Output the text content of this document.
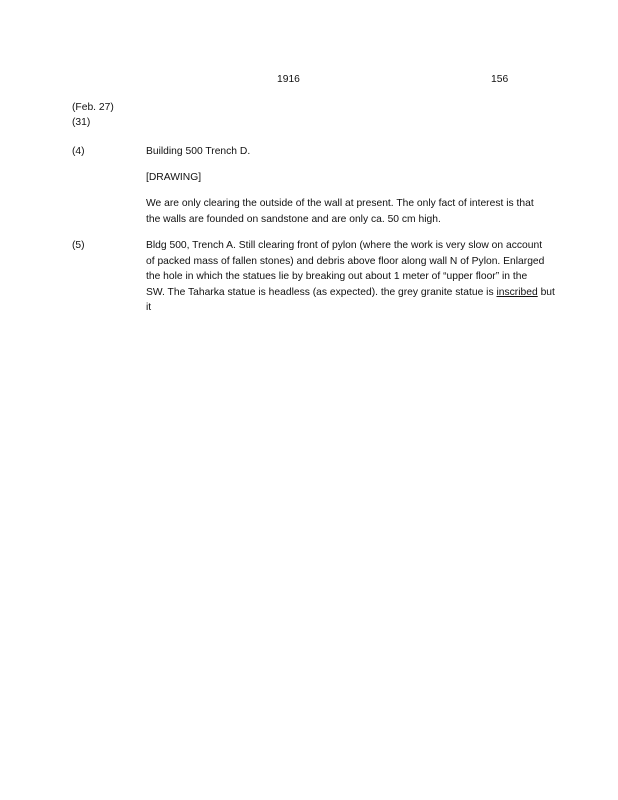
1916	156
(Feb. 27)
(31)
(4)	Building 500 Trench D.
[DRAWING]
We are only clearing the outside of the wall at present. The only fact of interest is that
the walls are founded on sandstone and are only ca. 50 cm high.
(5)	Bldg 500, Trench A. Still clearing front of pylon (where the work is very slow on account
of packed mass of fallen stones) and debris above floor along wall N of Pylon. Enlarged
the hole in which the statues lie by breaking out about 1 meter of “upper floor” in the
SW. The Taharka statue is headless (as expected). the grey granite statue is inscribed but
it
